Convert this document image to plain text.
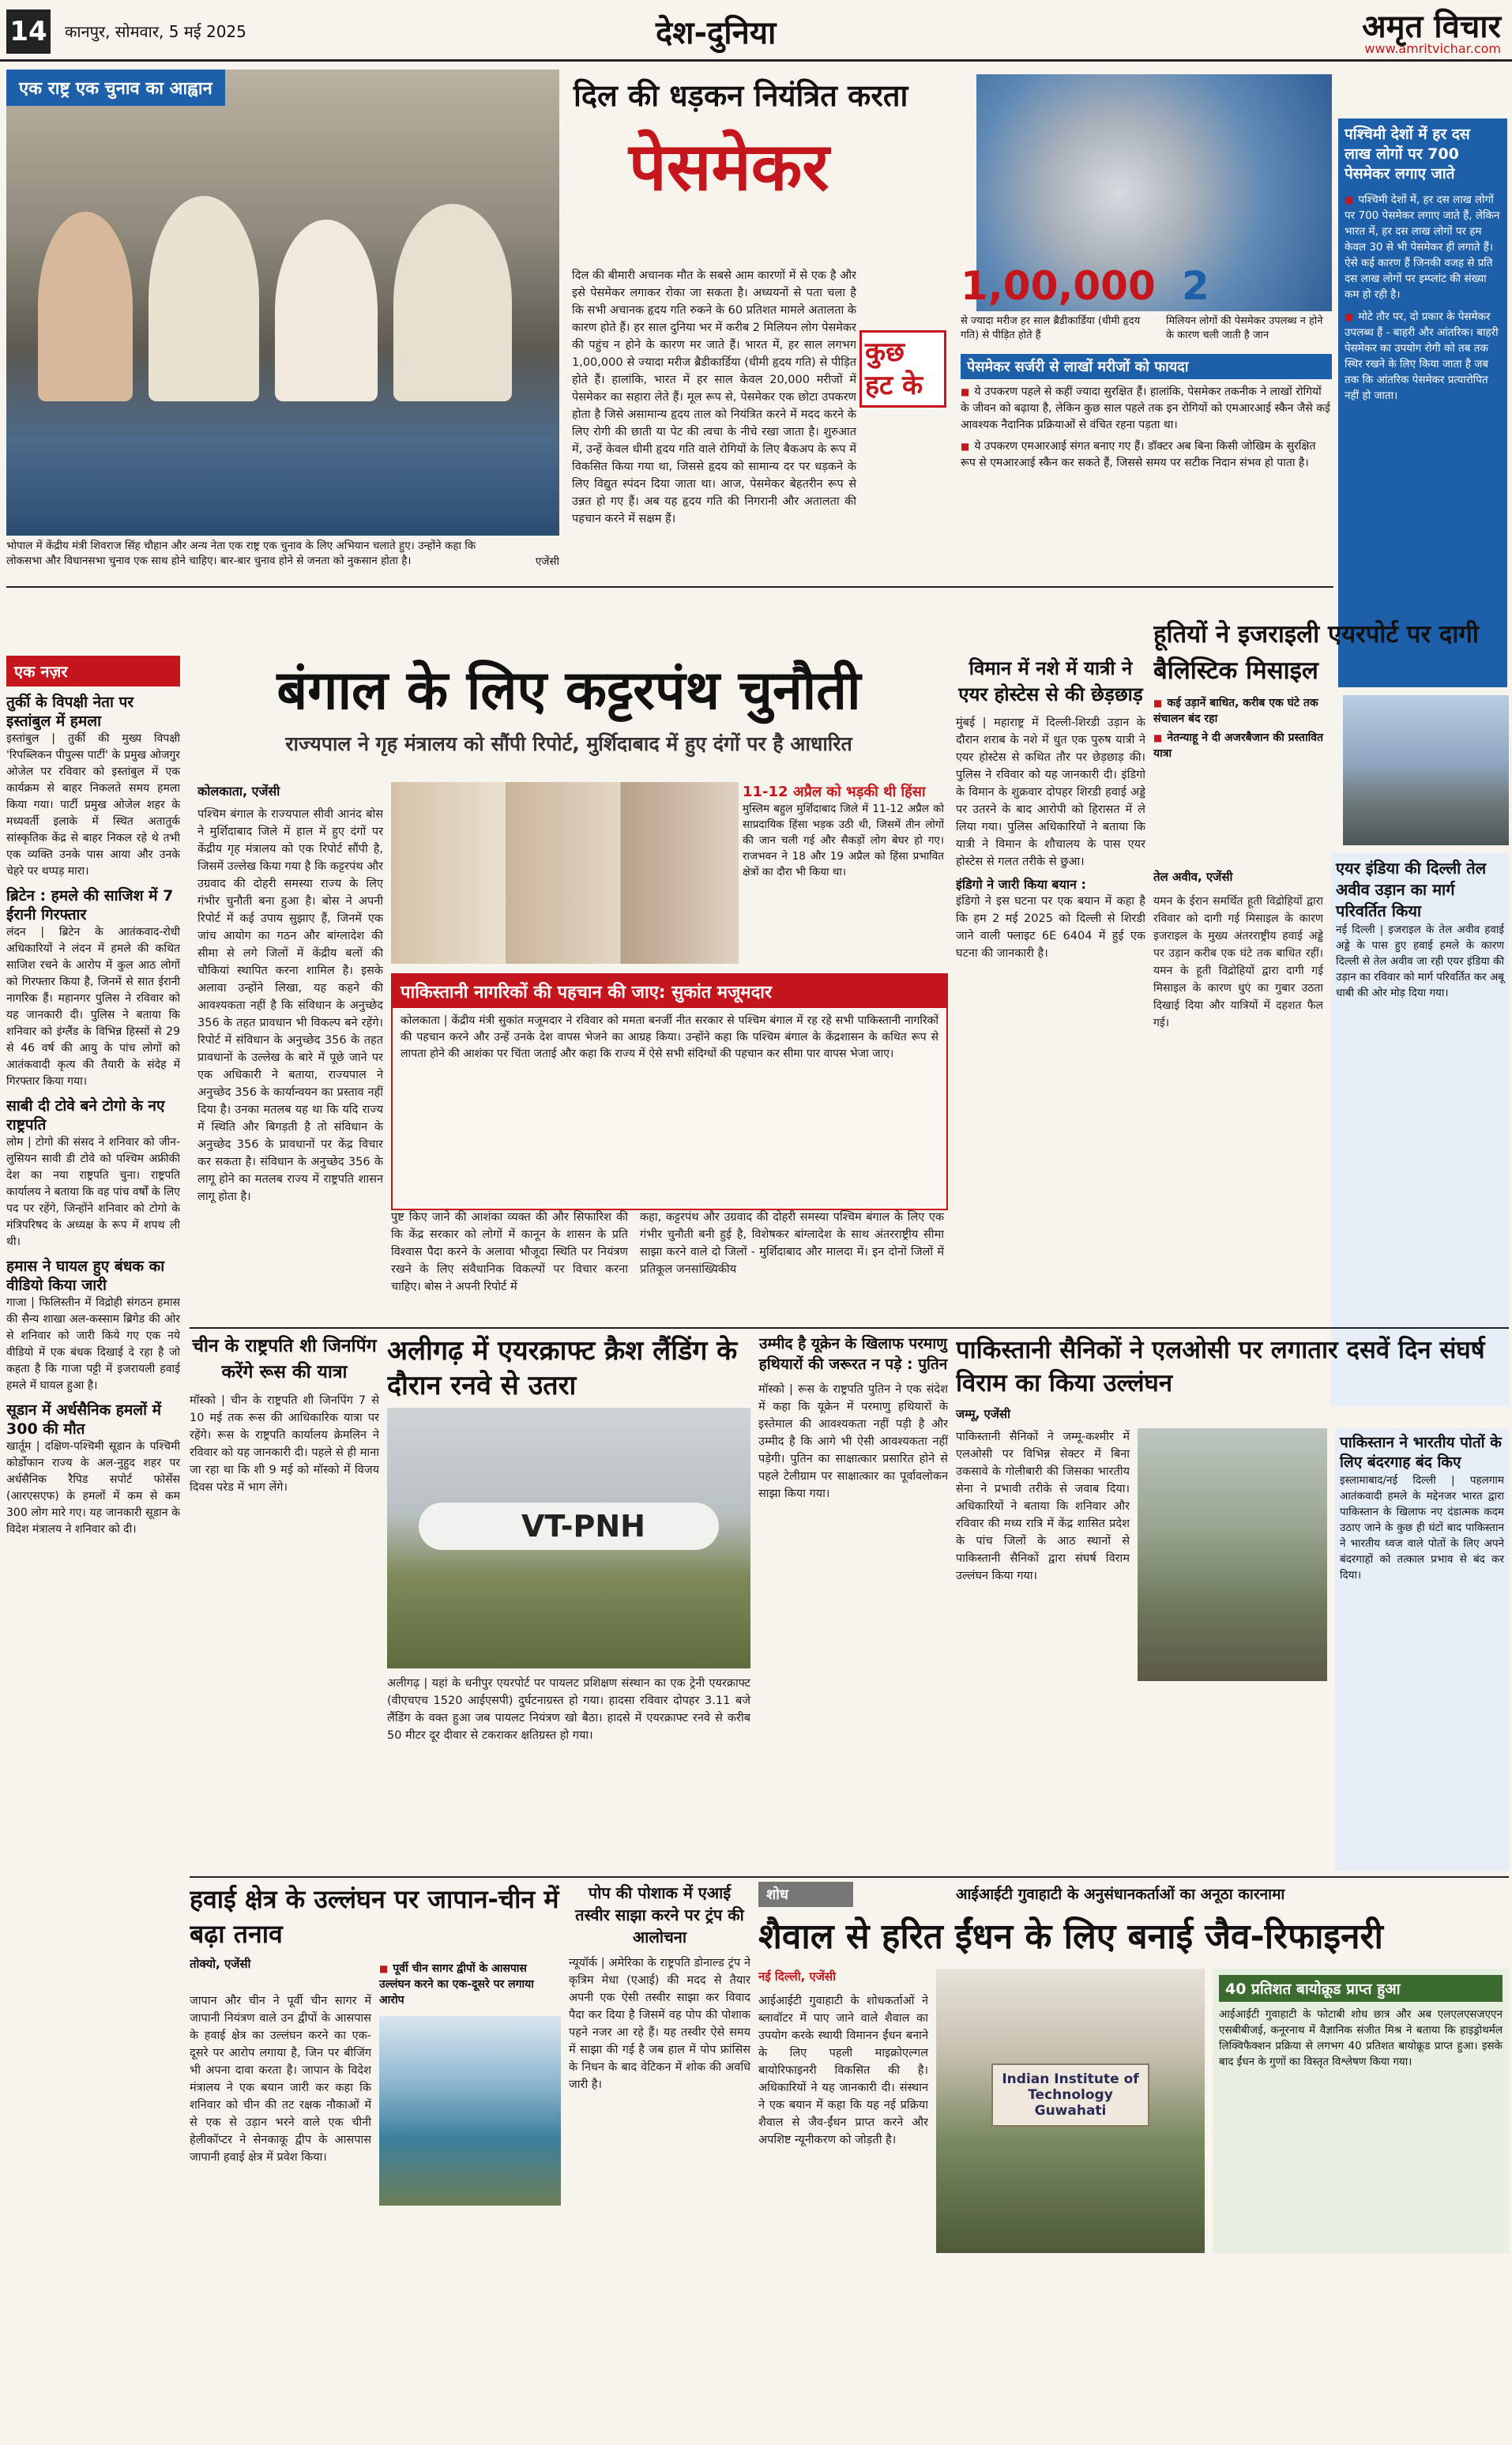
14 कानपुर, सोमवार, 5 मई 2025	देश-दुनिया	अमृत विचार
www.amritvichar.com
एक राष्ट्र एक चुनाव का आह्वान
भोपाल में केंद्रीय मंत्री शिवराज सिंह चौहान और अन्य नेता एक राष्ट्र एक चुनाव के लिए अभियान चलाते हुए। उन्होंने कहा कि लोकसभा और विधानसभा चुनाव एक साथ होने चाहिए। बार-बार चुनाव होने से जनता को नुकसान होता है।	एजेंसी
दिल की धड़कन नियंत्रित करता
पेसमेकर
दिल की बीमारी अचानक मौत के सबसे आम कारणों में से एक है और इसे पेसमेकर लगाकर रोका जा सकता है। अध्ययनों से पता चला है कि सभी अचानक हृदय गति रुकने के 60 प्रतिशत मामले अतालता के कारण होते हैं। हर साल दुनिया भर में करीब 2 मिलियन लोग पेसमेकर की पहुंच न होने के कारण मर जाते हैं। भारत में, हर साल लगभग 1,00,000 से ज्यादा मरीज ब्रैडीकार्डिया (धीमी हृदय गति) से पीड़ित होते हैं। हालांकि, भारत में हर साल केवल 20,000 मरीजों में पेसमेकर का सहारा लेते हैं। मूल रूप से, पेसमेकर एक छोटा उपकरण होता है जिसे असामान्य हृदय ताल को नियंत्रित करने में मदद करने के लिए रोगी की छाती या पेट की त्वचा के नीचे रखा जाता है। शुरुआत में, उन्हें केवल धीमी हृदय गति वाले रोगियों के लिए बैकअप के रूप में विकसित किया गया था, जिससे हृदय को सामान्य दर पर धड़कने के लिए विद्युत स्पंदन दिया जाता था। आज, पेसमेकर बेहतरीन रूप से उन्नत हो गए हैं। अब यह हृदय गति की निगरानी और अतालता की पहचान करने में सक्षम हैं।
कुछ हट के
1,00,000
से ज्यादा मरीज हर साल ब्रैडीकार्डिया (धीमी हृदय गति) से पीड़ित होते हैं
2
मिलियन लोगों की पेसमेकर उपलब्ध न होने के कारण चली जाती है जान
पेसमेकर सर्जरी से लाखों मरीजों को फायदा

■ ये उपकरण पहले से कहीं ज्यादा सुरक्षित हैं। हालांकि, पेसमेकर तकनीक ने लाखों रोगियों के जीवन को बढ़ाया है, लेकिन कुछ साल पहले तक इन रोगियों को एमआरआई स्कैन जैसे कई आवश्यक नैदानिक प्रक्रियाओं से वंचित रहना पड़ता था।

■ ये उपकरण एमआरआई संगत बनाए गए हैं। डॉक्टर अब बिना किसी जोखिम के सुरक्षित रूप से एमआरआई स्कैन कर सकते हैं, जिससे समय पर सटीक निदान संभव हो पाता है।

पश्चिमी देशों में हर दस लाख लोगों पर 700 पेसमेकर लगाए जाते

■ पश्चिमी देशों में, हर दस लाख लोगों पर 700 पेसमेकर लगाए जाते हैं, लेकिन भारत में, हर दस लाख लोगों पर हम केवल 30 से भी पेसमेकर ही लगाते हैं। ऐसे कई कारण हैं जिनकी वजह से प्रति दस लाख लोगों पर इम्प्लांट की संख्या कम हो रही है।

■ मोटे तौर पर, दो प्रकार के पेसमेकर उपलब्ध हैं - बाहरी और आंतरिक। बाहरी पेसमेकर का उपयोग रोगी को तब तक स्थिर रखने के लिए किया जाता है जब तक कि आंतरिक पेसमेकर प्रत्यारोपित नहीं हो जाता।

एक नज़र
तुर्की के विपक्षी नेता पर इस्तांबुल में हमला
इस्तांबुल | तुर्की की मुख्य विपक्षी 'रिपब्लिकन पीपुल्स पार्टी' के प्रमुख ओजगुर ओजेल पर रविवार को इस्तांबुल में एक कार्यक्रम से बाहर निकलते समय हमला किया गया। पार्टी प्रमुख ओजेल शहर के मध्यवर्ती इलाके में स्थित अतातुर्क सांस्कृतिक केंद्र से बाहर निकल रहे थे तभी एक व्यक्ति उनके पास आया और उनके चेहरे पर थप्पड़ मारा।
ब्रिटेन : हमले की साजिश में 7 ईरानी गिरफ्तार
लंदन | ब्रिटेन के आतंकवाद-रोधी अधिकारियों ने लंदन में हमले की कथित साजिश रचने के आरोप में कुल आठ लोगों को गिरफ्तार किया है, जिनमें से सात ईरानी नागरिक हैं। महानगर पुलिस ने रविवार को यह जानकारी दी। पुलिस ने बताया कि शनिवार को इंग्लैंड के विभिन्न हिस्सों से 29 से 46 वर्ष की आयु के पांच लोगों को आतंकवादी कृत्य की तैयारी के संदेह में गिरफ्तार किया गया।
साबी दी टोवे बने टोगो के नए राष्ट्रपति
लोम | टोगो की संसद ने शनिवार को जीन-लुसियन सावी डी टोवे को पश्चिम अफ्रीकी देश का नया राष्ट्रपति चुना। राष्ट्रपति कार्यालय ने बताया कि वह पांच वर्षों के लिए पद पर रहेंगे, जिन्होंने शनिवार को टोगो के मंत्रिपरिषद के अध्यक्ष के रूप में शपथ ली थी।
हमास ने घायल हुए बंधक का वीडियो किया जारी
गाजा | फिलिस्तीन में विद्रोही संगठन हमास की सैन्य शाखा अल-कस्साम ब्रिगेड की ओर से शनिवार को जारी किये गए एक नये वीडियो में एक बंधक दिखाई दे रहा है जो कहता है कि गाजा पट्टी में इजरायली हवाई हमले में घायल हुआ है।
सूडान में अर्धसैनिक हमलों में 300 की मौत
खार्तूम | दक्षिण-पश्चिमी सूडान के पश्चिमी कोर्डोफान राज्य के अल-नुहुद शहर पर अर्धसैनिक रैपिड सपोर्ट फोर्सेस (आरएसएफ) के हमलों में कम से कम 300 लोग मारे गए। यह जानकारी सूडान के विदेश मंत्रालय ने शनिवार को दी।
बंगाल के लिए कट्टरपंथ चुनौती
राज्यपाल ने गृह मंत्रालय को सौंपी रिपोर्ट, मुर्शिदाबाद में हुए दंगों पर है आधारित
कोलकाता, एजेंसी
पश्चिम बंगाल के राज्यपाल सीवी आनंद बोस ने मुर्शिदाबाद जिले में हाल में हुए दंगों पर केंद्रीय गृह मंत्रालय को एक रिपोर्ट सौंपी है, जिसमें उल्लेख किया गया है कि कट्टरपंथ और उग्रवाद की दोहरी समस्या राज्य के लिए गंभीर चुनौती बना हुआ है। बोस ने अपनी रिपोर्ट में कई उपाय सुझाए हैं, जिनमें एक जांच आयोग का गठन और बांग्लादेश की सीमा से लगे जिलों में केंद्रीय बलों की चौकियां स्थापित करना शामिल है। इसके अलावा उन्होंने लिखा, यह कहने की आवश्यकता नहीं है कि संविधान के अनुच्छेद 356 के तहत प्रावधान भी विकल्प बने रहेंगे। रिपोर्ट में संविधान के अनुच्छेद 356 के तहत प्रावधानों के उल्लेख के बारे में पूछे जाने पर एक अधिकारी ने बताया, राज्यपाल ने अनुच्छेद 356 के कार्यान्वयन का प्रस्ताव नहीं दिया है। उनका मतलब यह था कि यदि राज्य में स्थिति और बिगड़ती है तो संविधान के अनुच्छेद 356 के प्रावधानों पर केंद्र विचार कर सकता है। संविधान के अनुच्छेद 356 के लागू होने का मतलब राज्य में राष्ट्रपति शासन लागू होता है।
11-12 अप्रैल को भड़की थी हिंसा
मुस्लिम बहुल मुर्शिदाबाद जिले में 11-12 अप्रैल को साप्रदायिक हिंसा भड़क उठी थी, जिसमें तीन लोगों की जान चली गई और सैकड़ों लोग बेघर हो गए। राजभवन ने 18 और 19 अप्रैल को हिंसा प्रभावित क्षेत्रों का दौरा भी किया था।
पुष्ट किए जाने की आशंका व्यक्त की और सिफारिश की कि केंद्र सरकार को लोगों में कानून के शासन के प्रति विश्वास पैदा करने के अलावा भौजूदा स्थिति पर नियंत्रण रखने के लिए संवैधानिक विकल्पों पर विचार करना चाहिए। बोस ने अपनी रिपोर्ट में
कहा, कट्टरपंथ और उग्रवाद की दोहरी समस्या पश्चिम बंगाल के लिए एक गंभीर चुनौती बनी हुई है, विशेषकर बांग्लादेश के साथ अंतरराष्ट्रीय सीमा साझा करने वाले दो जिलों - मुर्शिदाबाद और मालदा में। इन दोनों जिलों में प्रतिकूल जनसांख्यिकीय
पाकिस्तानी नागरिकों की पहचान की जाए: सुकांत मजूमदार
कोलकाता | केंद्रीय मंत्री सुकांत मजूमदार ने रविवार को ममता बनर्जी नीत सरकार से पश्चिम बंगाल में रह रहे सभी पाकिस्तानी नागरिकों की पहचान करने और उन्हें उनके देश वापस भेजने का आग्रह किया। उन्होंने कहा कि पश्चिम बंगाल के केंद्रशासन के कथित रूप से लापता होने की आशंका पर चिंता जताई और कहा कि राज्य में ऐसे सभी संदिग्धों की पहचान कर सीमा पार वापस भेजा जाए।
विमान में नशे में यात्री ने एयर होस्टेस से की छेड़छाड़
मुंबई | महाराष्ट्र में दिल्ली-शिरडी उड़ान के दौरान शराब के नशे में धुत एक पुरुष यात्री ने एयर होस्टेस से कथित तौर पर छेड़छाड़ की। पुलिस ने रविवार को यह जानकारी दी। इंडिगो के विमान के शुक्रवार दोपहर शिरडी हवाई अड्डे पर उतरने के बाद आरोपी को हिरासत में ले लिया गया। पुलिस अधिकारियों ने बताया कि यात्री ने विमान के शौचालय के पास एयर होस्टेस से गलत तरीके से छुआ।
इंडिगो ने जारी किया बयान :
इंडिगो ने इस घटना पर एक बयान में कहा है कि हम 2 मई 2025 को दिल्ली से शिरडी जाने वाली फ्लाइट 6E 6404 में हुई एक घटना की जानकारी है।
हूतियों ने इजराइली एयरपोर्ट पर दागी बैलिस्टिक मिसाइल
■ कई उड़ानें बाधित, करीब एक घंटे तक संचालन बंद रहा
■ नेतन्याहू ने दी अजरबैजान की प्रस्तावित यात्रा
तेल अवीव, एजेंसी
यमन के ईरान समर्थित हूती विद्रोहियों द्वारा रविवार को दागी गई मिसाइल के कारण इजराइल के मुख्य अंतरराष्ट्रीय हवाई अड्डे पर उड़ान करीब एक घंटे तक बाधित रहीं। यमन के हूती विद्रोहियों द्वारा दागी गई मिसाइल के कारण धुएं का गुबार उठता दिखाई दिया और यात्रियों में दहशत फैल गई।
एयर इंडिया की दिल्ली तेल अवीव उड़ान का मार्ग परिवर्तित किया
नई दिल्ली | इजराइल के तेल अवीव हवाई अड्डे के पास हुए हवाई हमले के कारण दिल्ली से तेल अवीव जा रही एयर इंडिया की उड़ान का रविवार को मार्ग परिवर्तित कर अबू धाबी की ओर मोड़ दिया गया।
चीन के राष्ट्रपति शी जिनपिंग करेंगे रूस की यात्रा
मॉस्को | चीन के राष्ट्रपति शी जिनपिंग 7 से 10 मई तक रूस की आधिकारिक यात्रा पर रहेंगे। रूस के राष्ट्रपति कार्यालय क्रेमलिन ने रविवार को यह जानकारी दी। पहले से ही माना जा रहा था कि शी 9 मई को मॉस्को में विजय दिवस परेड में भाग लेंगे।
अलीगढ़ में एयरक्राफ्ट क्रैश लैंडिंग के दौरान रनवे से उतरा
VT-PNH
अलीगढ़ | यहां के धनीपुर एयरपोर्ट पर पायलट प्रशिक्षण संस्थान का एक ट्रेनी एयरक्राफ्ट (वीएचएच 1520 आईएसपी) दुर्घटनाग्रस्त हो गया। हादसा रविवार दोपहर 3.11 बजे लैंडिंग के वक्त हुआ जब पायलट नियंत्रण खो बैठा। हादसे में एयरक्राफ्ट रनवे से करीब 50 मीटर दूर दीवार से टकराकर क्षतिग्रस्त हो गया।
उम्मीद है यूक्रेन के खिलाफ परमाणु हथियारों की जरूरत न पड़े : पुतिन
मॉस्को | रूस के राष्ट्रपति पुतिन ने एक संदेश में कहा कि यूक्रेन में परमाणु हथियारों के इस्तेमाल की आवश्यकता नहीं पड़ी है और उम्मीद है कि आगे भी ऐसी आवश्यकता नहीं पड़ेगी। पुतिन का साक्षात्कार प्रसारित होने से पहले टेलीग्राम पर साक्षात्कार का पूर्वावलोकन साझा किया गया।
पाकिस्तानी सैनिकों ने एलओसी पर लगातार दसवें दिन संघर्ष विराम का किया उल्लंघन
जम्मू, एजेंसी
पाकिस्तानी सैनिकों ने जम्मू-कश्मीर में एलओसी पर विभिन्न सेक्टर में बिना उकसावे के गोलीबारी की जिसका भारतीय सेना ने प्रभावी तरीके से जवाब दिया। अधिकारियों ने बताया कि शनिवार और रविवार की मध्य रात्रि में केंद्र शासित प्रदेश के पांच जिलों के आठ स्थानों से पाकिस्तानी सैनिकों द्वारा संघर्ष विराम उल्लंघन किया गया।
पाकिस्तान ने भारतीय पोतों के लिए बंदरगाह बंद किए
इस्लामाबाद/नई दिल्ली | पहलगाम आतंकवादी हमले के मद्देनजर भारत द्वारा पाकिस्तान के खिलाफ नए दंडात्मक कदम उठाए जाने के कुछ ही घंटों बाद पाकिस्तान ने भारतीय ध्वज वाले पोतों के लिए अपने बंदरगाहों को तत्काल प्रभाव से बंद कर दिया।
हवाई क्षेत्र के उल्लंघन पर जापान-चीन में बढ़ा तनाव
तोक्यो, एजेंसी
जापान और चीन ने पूर्वी चीन सागर में जापानी नियंत्रण वाले उन द्वीपों के आसपास के हवाई क्षेत्र का उल्लंघन करने का एक-दूसरे पर आरोप लगाया है, जिन पर बीजिंग भी अपना दावा करता है। जापान के विदेश मंत्रालय ने एक बयान जारी कर कहा कि शनिवार को चीन की तट रक्षक नौकाओं में से एक से उड़ान भरने वाले एक चीनी हेलीकॉप्टर ने सेनकाकू द्वीप के आसपास जापानी हवाई क्षेत्र में प्रवेश किया।
■ पूर्वी चीन सागर द्वीपों के आसपास उल्लंघन करने का एक-दूसरे पर लगाया आरोप
पोप की पोशाक में एआई तस्वीर साझा करने पर ट्रंप की आलोचना
न्यूयॉर्क | अमेरिका के राष्ट्रपति डोनाल्ड ट्रंप ने कृत्रिम मेधा (एआई) की मदद से तैयार अपनी एक ऐसी तस्वीर साझा कर विवाद पैदा कर दिया है जिसमें वह पोप की पोशाक पहने नजर आ रहे हैं। यह तस्वीर ऐसे समय में साझा की गई है जब हाल में पोप फ्रांसिस के निधन के बाद वेटिकन में शोक की अवधि जारी है।
शोध	आईआईटी गुवाहाटी के अनुसंधानकर्ताओं का अनूठा कारनामा
शैवाल से हरित ईंधन के लिए बनाई जैव-रिफाइनरी
नई दिल्ली, एजेंसी
आईआईटी गुवाहाटी के शोधकर्ताओं ने ब्लावॉटर में पाए जाने वाले शैवाल का उपयोग करके स्थायी विमानन ईंधन बनाने के लिए पहली माइक्रोएल्गल बायोरिफाइनरी विकसित की है। अधिकारियों ने यह जानकारी दी। संस्थान ने एक बयान में कहा कि यह नई प्रक्रिया शैवाल से जैव-ईंधन प्राप्त करने और अपशिष्ट न्यूनीकरण को जोड़ती है।
Indian Institute of Technology Guwahati
40 प्रतिशत बायोक्रूड प्राप्त हुआ
आईआईटी गुवाहाटी के फोटाबी शोध छात्र और अब एलएलएसजएएन एसबीबीजई, कनूरनाथ में वैज्ञानिक संजीत मिश्र ने बताया कि हाइड्रोथर्मल लिक्विफैक्शन प्रक्रिया से लगभग 40 प्रतिशत बायोक्रूड प्राप्त हुआ। इसके बाद ईंधन के गुणों का विस्तृत विश्लेषण किया गया।
